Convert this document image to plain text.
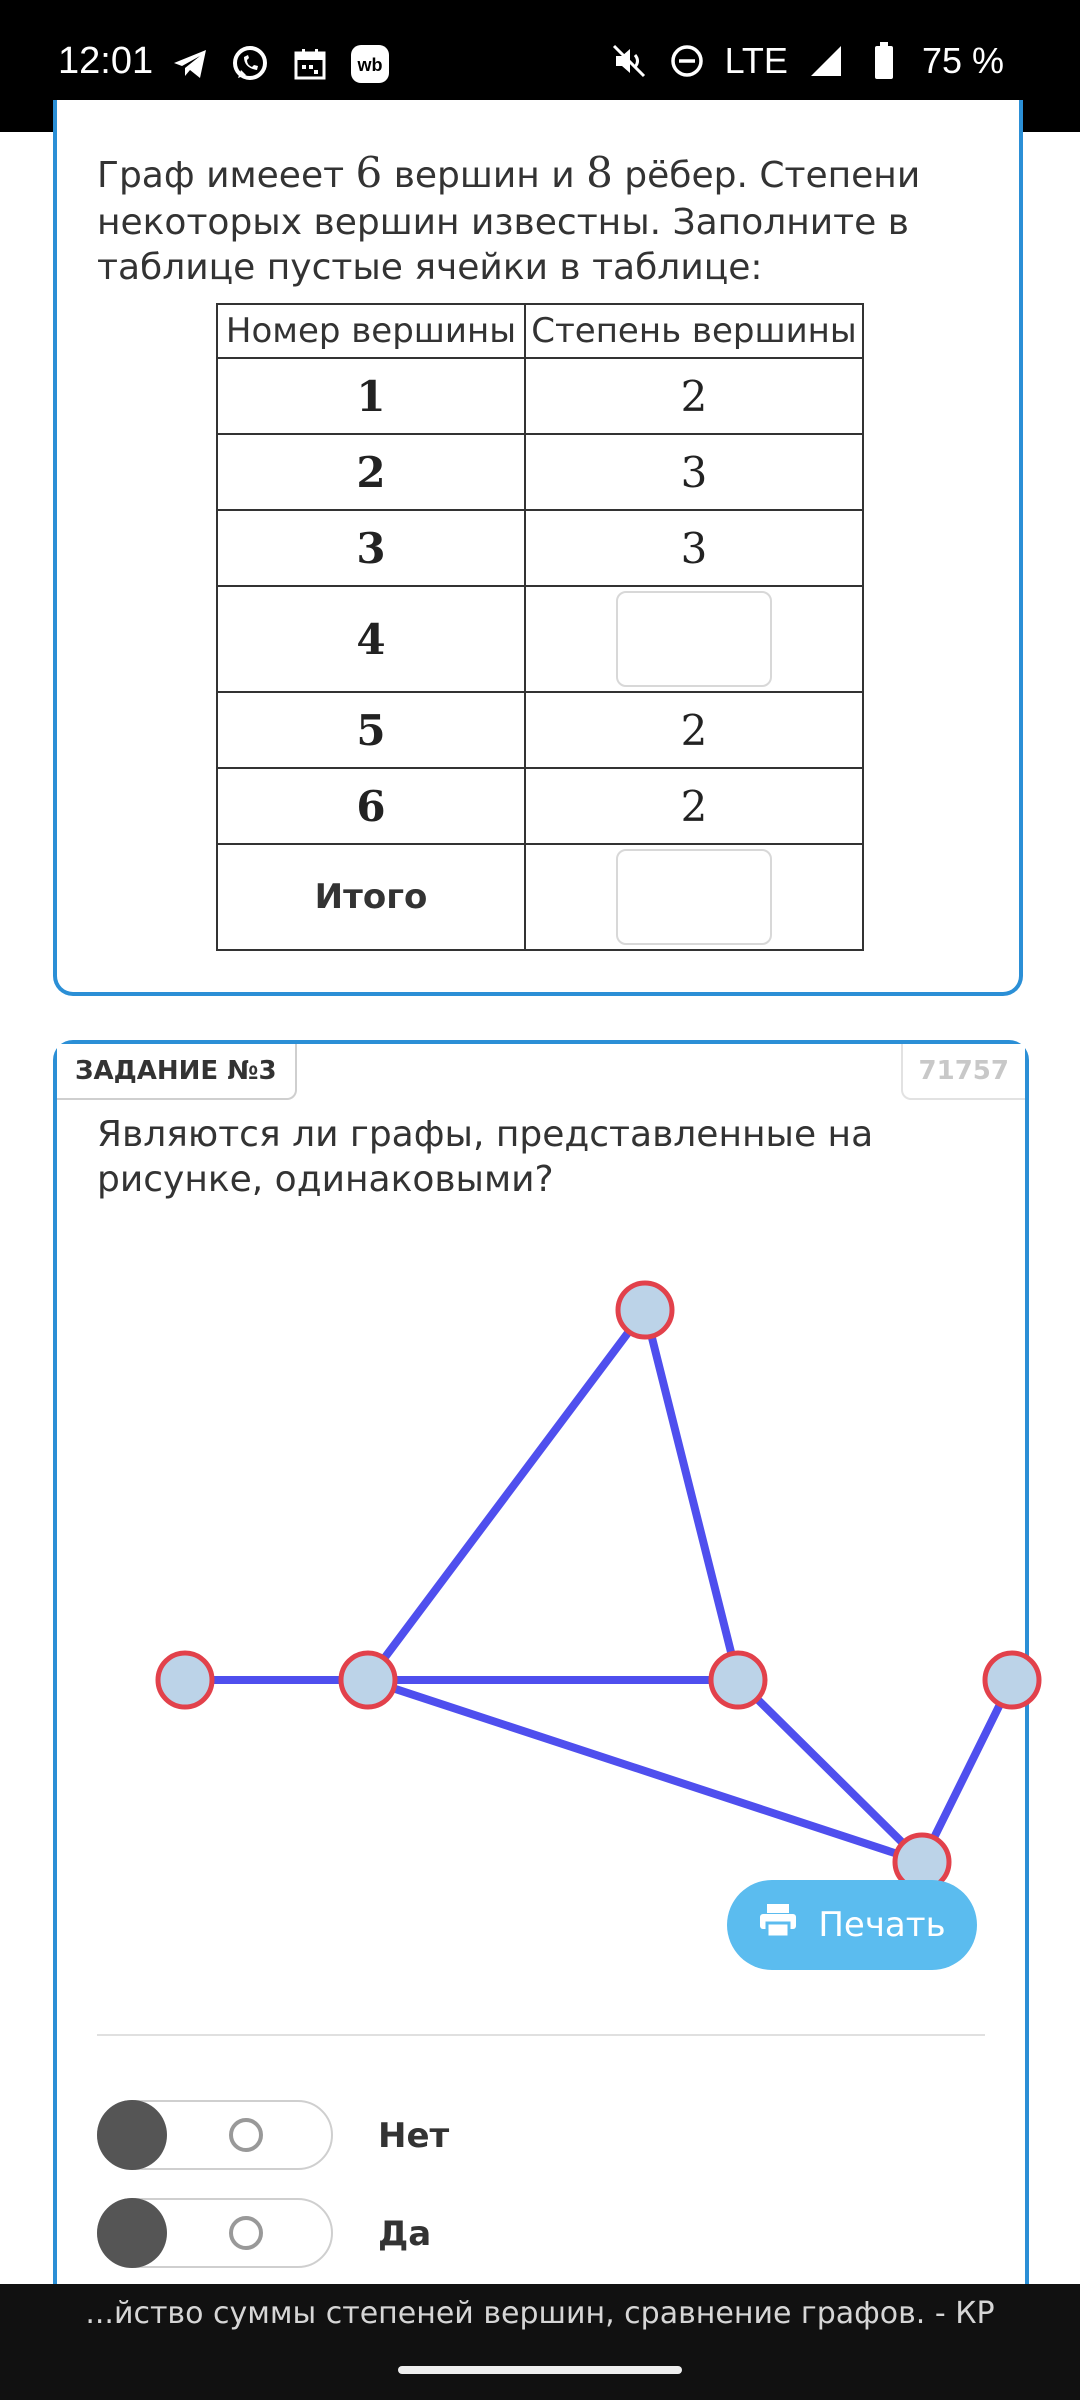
12:01	wb	LTE	75 %
Граф имееет 6 вершин и 8 рёбер. Степени
некоторых вершин известны. Заполните в
таблице пустые ячейки в таблице:
Номер вершины	Степень вершины
1	2
2	3
3	3
4	

5	2
6	2
Итого	
ЗАДАНИЕ №3	71757
Являются ли графы, представленные на
рисунке, одинаковыми?
Печать
Нет
Да
...йство суммы степеней вершин, сравнение графов. - КР
